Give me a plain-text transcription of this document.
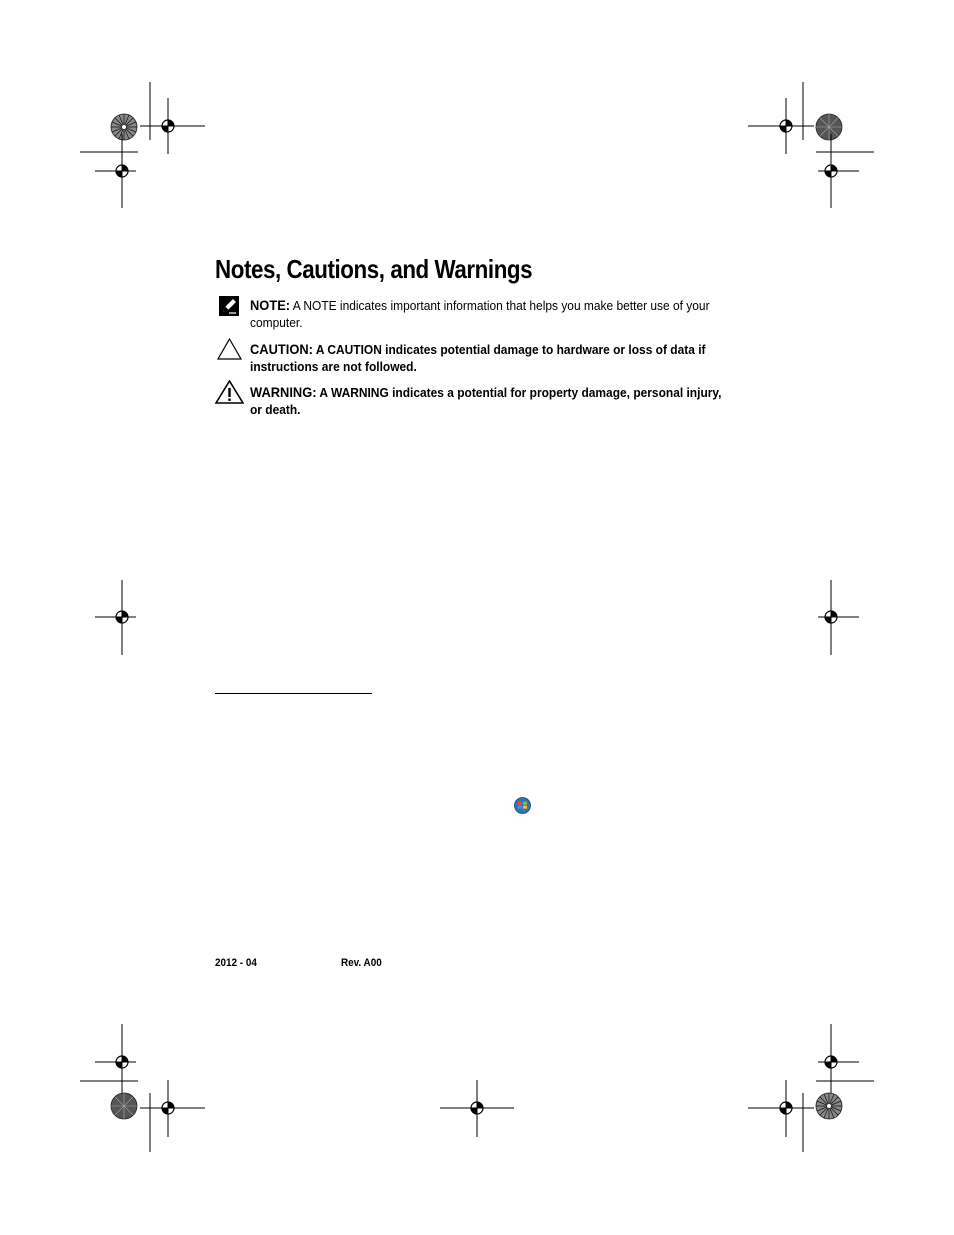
Notes, Cautions, and Warnings
NOTE: A NOTE indicates important information that helps you make better use of your computer.
CAUTION: A CAUTION indicates potential damage to hardware or loss of data if instructions are not followed.
WARNING: A WARNING indicates a potential for property damage, personal injury, or death.
2012 - 04	Rev. A00
